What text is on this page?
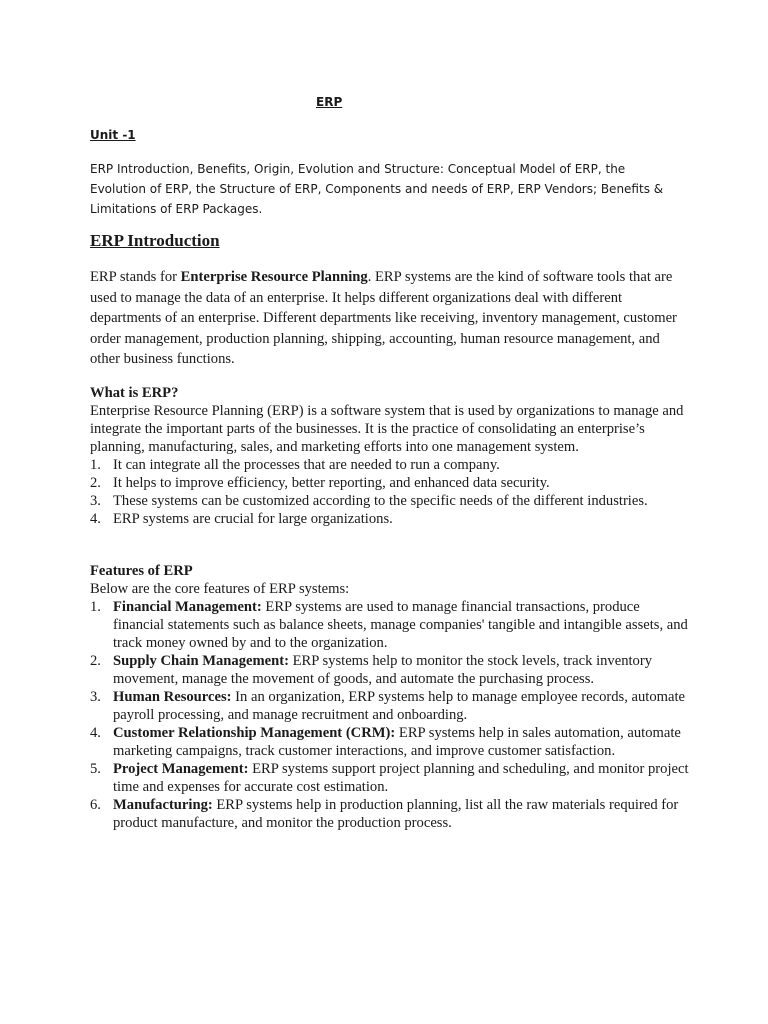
ERP
Unit -1

ERP Introduction, Benefits, Origin, Evolution and Structure: Conceptual Model of ERP, the Evolution of ERP, the Structure of ERP, Components and needs of ERP, ERP Vendors; Benefits & Limitations of ERP Packages.

ERP Introduction

ERP stands for Enterprise Resource Planning. ERP systems are the kind of software tools that are used to manage the data of an enterprise. It helps different organizations deal with different departments of an enterprise. Different departments like receiving, inventory management, customer order management, production planning, shipping, accounting, human resource management, and other business functions.

What is ERP?

Enterprise Resource Planning (ERP) is a software system that is used by organizations to manage and integrate the important parts of the businesses. It is the practice of consolidating an enterprise’s planning, manufacturing, sales, and marketing efforts into one management system.

1. It can integrate all the processes that are needed to run a company.
2. It helps to improve efficiency, better reporting, and enhanced data security.
3. These systems can be customized according to the specific needs of the different industries.
4. ERP systems are crucial for large organizations.

Features of ERP

Below are the core features of ERP systems:

1. Financial Management: ERP systems are used to manage financial transactions, produce financial statements such as balance sheets, manage companies' tangible and intangible assets, and track money owned by and to the organization.
2. Supply Chain Management: ERP systems help to monitor the stock levels, track inventory movement, manage the movement of goods, and automate the purchasing process.
3. Human Resources: In an organization, ERP systems help to manage employee records, automate payroll processing, and manage recruitment and onboarding.
4. Customer Relationship Management (CRM): ERP systems help in sales automation, automate marketing campaigns, track customer interactions, and improve customer satisfaction.
5. Project Management: ERP systems support project planning and scheduling, and monitor project time and expenses for accurate cost estimation.
6. Manufacturing: ERP systems help in production planning, list all the raw materials required for product manufacture, and monitor the production process.
